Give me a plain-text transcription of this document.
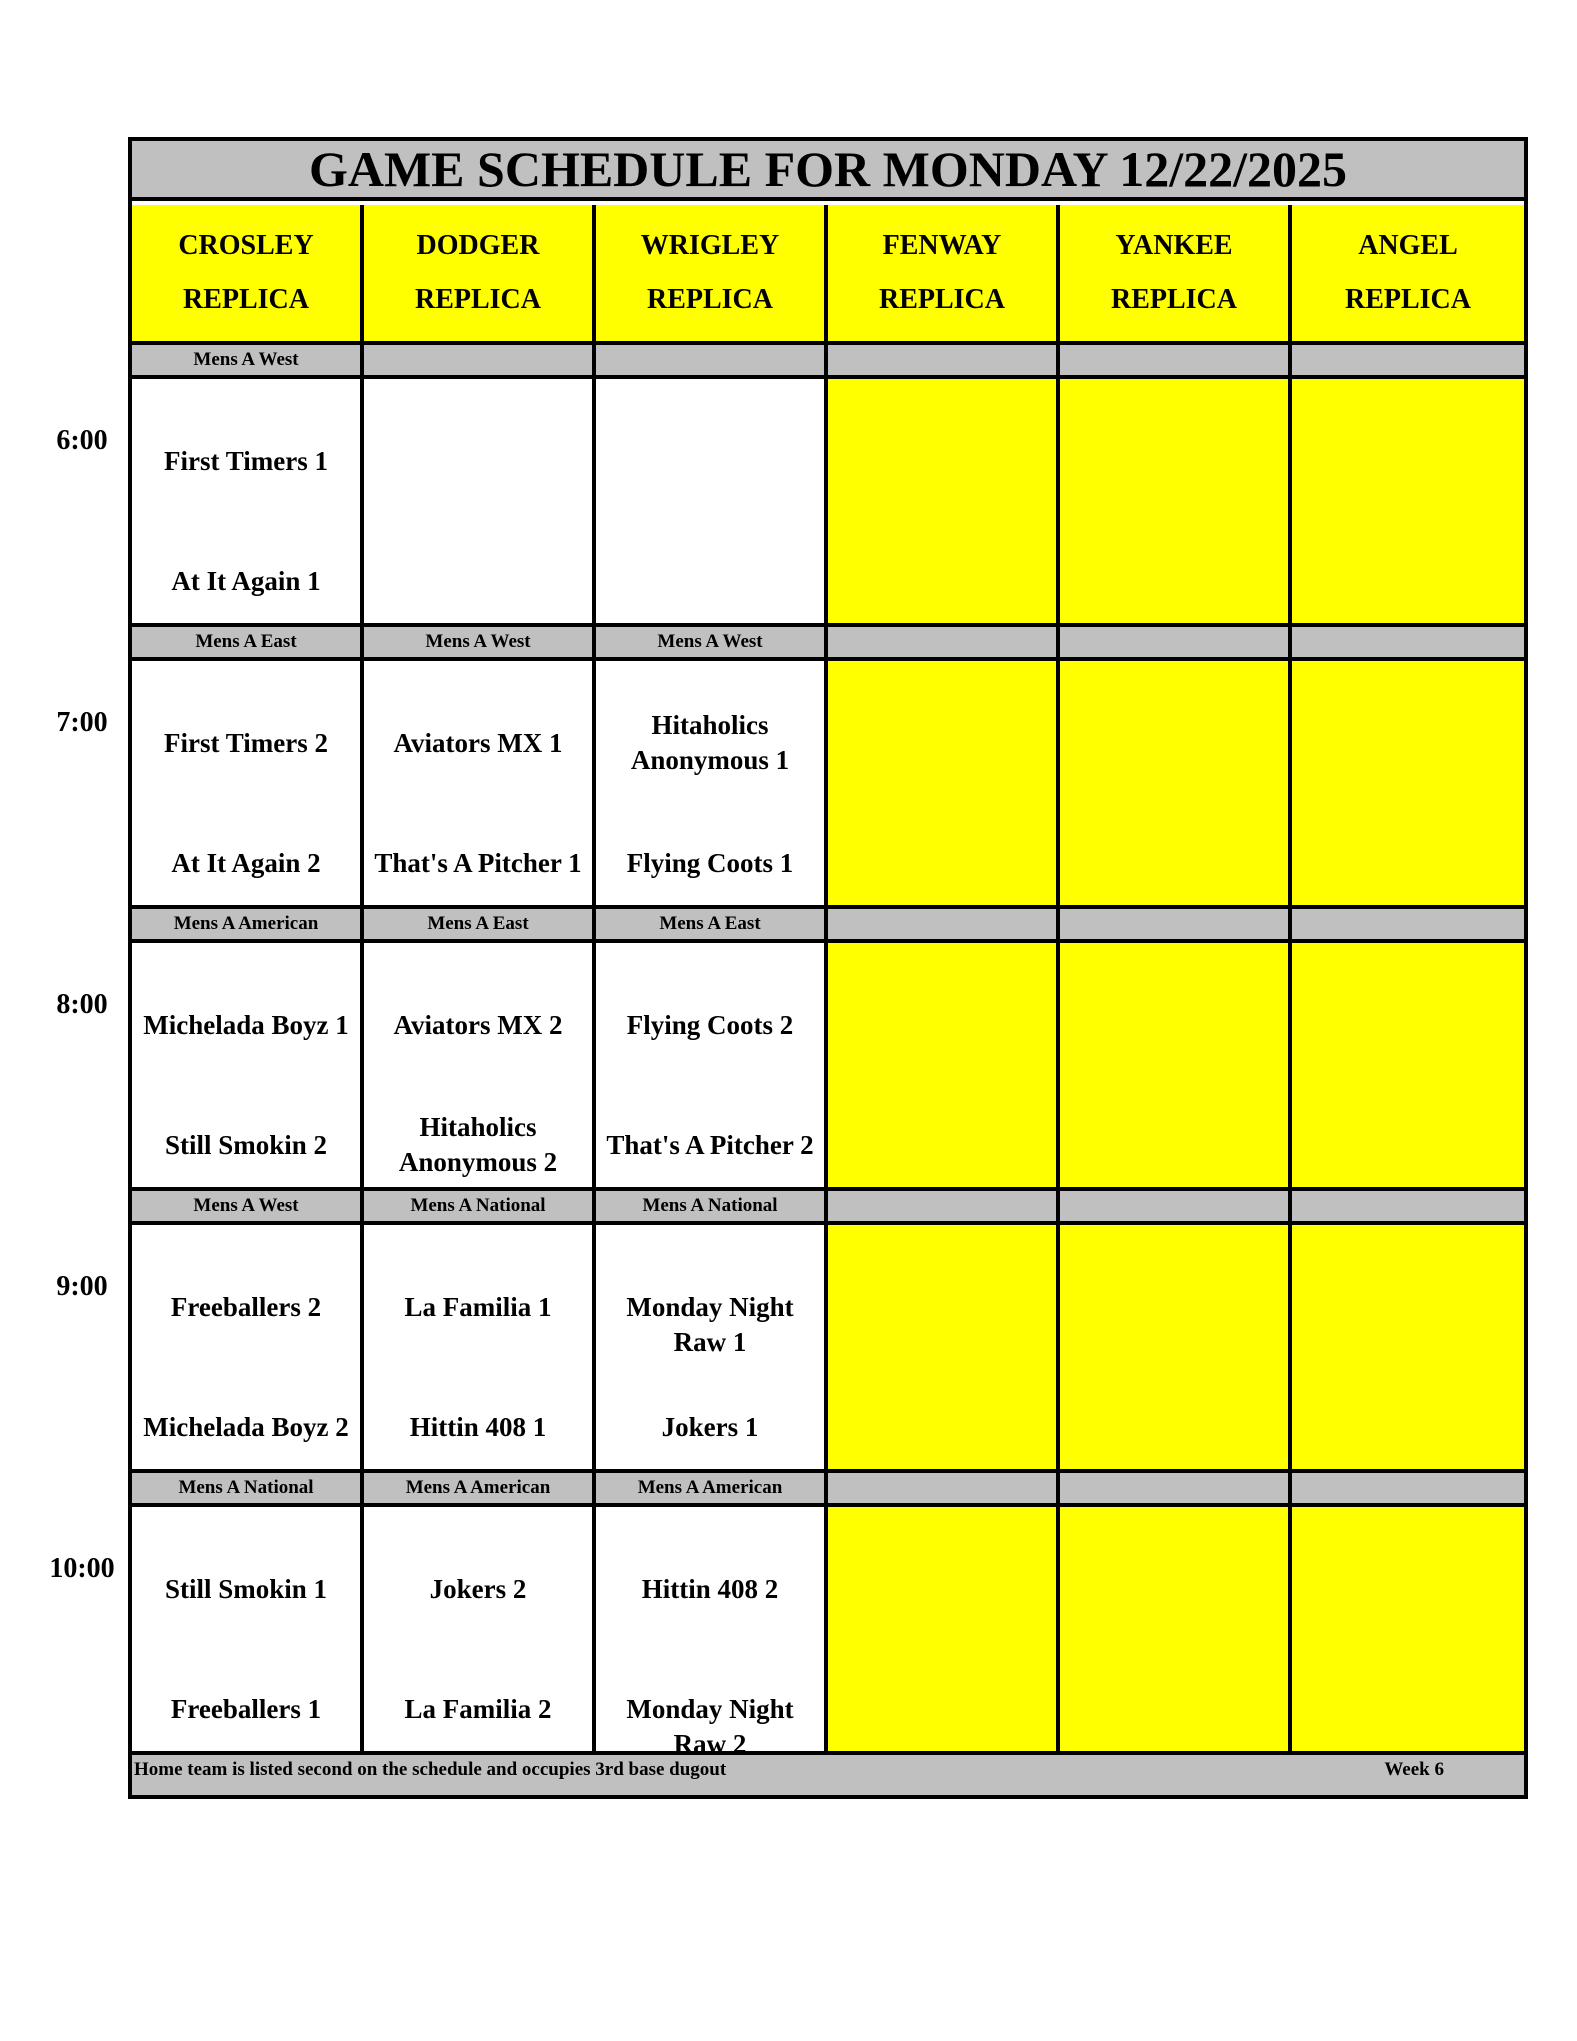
GAME SCHEDULE FOR MONDAY 12/22/2025
Home team is listed second on the schedule and occupies 3rd base dugout	Week 6
CROSLEY
REPLICA
DODGER
REPLICA
WRIGLEY
REPLICA
FENWAY
REPLICA
YANKEE
REPLICA
ANGEL
REPLICA
Mens A West
First Timers 1
At It Again 1
Mens A East
First Timers 2
At It Again 2
Mens A West
Aviators MX 1
That's A Pitcher 1
Mens A West
Hitaholics
Anonymous 1
Flying Coots 1
Mens A American
Michelada Boyz 1
Still Smokin 2
Mens A East
Aviators MX 2
Hitaholics
Anonymous 2
Mens A East
Flying Coots 2
That's A Pitcher 2
Mens A West
Freeballers 2
Michelada Boyz 2
Mens A National
La Familia 1
Hittin 408 1
Mens A National
Monday Night
Raw 1
Jokers 1
Mens A National
Still Smokin 1
Freeballers 1
Mens A American
Jokers 2
La Familia 2
Mens A American
Hittin 408 2
Monday Night
Raw 2
6:00
7:00
8:00
9:00
10:00
